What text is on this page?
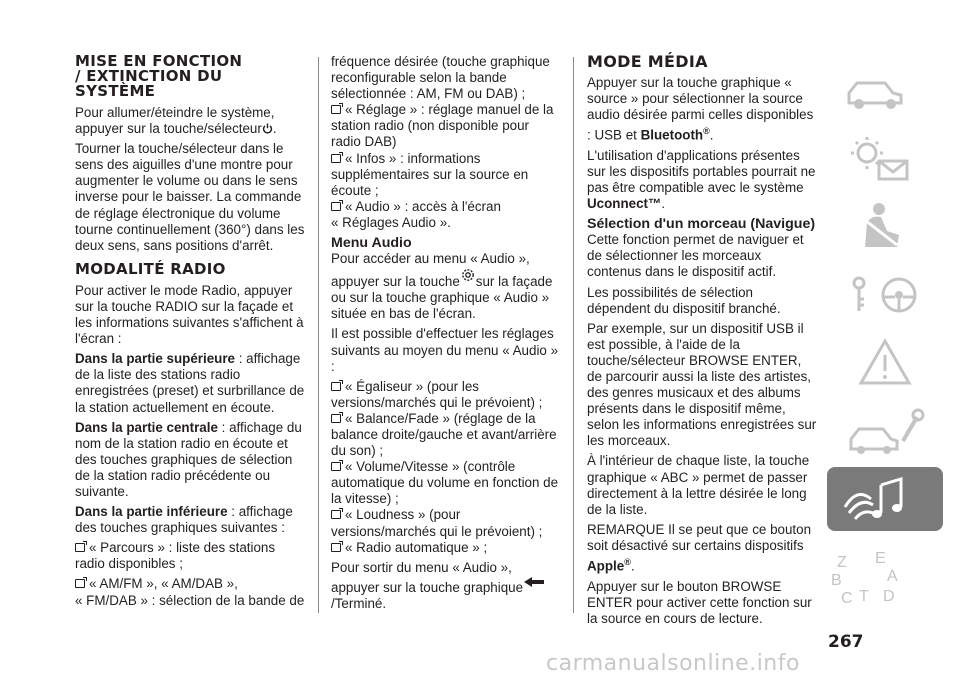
MISE EN FONCTION
/ EXTINCTION DU
SYSTÈME

Pour allumer/éteindre le système, appuyer sur la touche/sélecteur .

Tourner la touche/sélecteur dans le sens des aiguilles d'une montre pour augmenter le volume ou dans le sens inverse pour le baisser. La commande de réglage électronique du volume tourne continuellement (360°) dans les deux sens, sans positions d'arrêt.

MODALITÉ RADIO

Pour activer le mode Radio, appuyer sur la touche RADIO sur la façade et les informations suivantes s'affichent à l'écran :

Dans la partie supérieure : affichage de la liste des stations radio enregistrées (preset) et surbrillance de la station actuellement en écoute.

Dans la partie centrale : affichage du nom de la station radio en écoute et des touches graphiques de sélection de la station radio précédente ou suivante.

Dans la partie inférieure : affichage des touches graphiques suivantes :

« Parcours » : liste des stations radio disponibles ;

« AM/FM », « AM/DAB »,
« FM/DAB » : sélection de la bande de

fréquence désirée (touche graphique reconfigurable selon la bande sélectionnée : AM, FM ou DAB) ;

« Réglage » : réglage manuel de la station radio (non disponible pour radio DAB)

« Infos » : informations supplémentaires sur la source en écoute ;

« Audio » : accès à l'écran
« Réglages Audio ».

Menu Audio

Pour accéder au menu « Audio », appuyer sur la touche sur la façade ou sur la touche graphique « Audio » située en bas de l'écran.

Il est possible d'effectuer les réglages suivants au moyen du menu « Audio » :

« Égaliseur » (pour les versions/marchés qui le prévoient) ;

« Balance/Fade » (réglage de la balance droite/gauche et avant/arrière du son) ;

« Volume/Vitesse » (contrôle automatique du volume en fonction de la vitesse) ;

« Loudness » (pour versions/marchés qui le prévoient) ;

« Radio automatique » ;

Pour sortir du menu « Audio », appuyer sur la touche graphique/Terminé.

MODE MÉDIA

Appuyer sur la touche graphique « source » pour sélectionner la source audio désirée parmi celles disponibles : USB et Bluetooth®.

L'utilisation d'applications présentes sur les dispositifs portables pourrait ne pas être compatible avec le système Uconnect™.

Sélection d'un morceau (Navigue)

Cette fonction permet de naviguer et de sélectionner les morceaux contenus dans le dispositif actif.

Les possibilités de sélection dépendent du dispositif branché.

Par exemple, sur un dispositif USB il est possible, à l'aide de la touche/sélecteur BROWSE ENTER, de parcourir aussi la liste des artistes, des genres musicaux et des albums présents dans le dispositif même, selon les informations enregistrées sur les morceaux.

À l'intérieur de chaque liste, la touche graphique « ABC » permet de passer directement à la lettre désirée le long de la liste.

REMARQUE Il se peut que ce bouton soit désactivé sur certains dispositifs Apple®.

Appuyer sur le bouton BROWSE ENTER pour activer cette fonction sur la source en cours de lecture.

Z E
A
B
C T D
267
carmanualsonline.info
